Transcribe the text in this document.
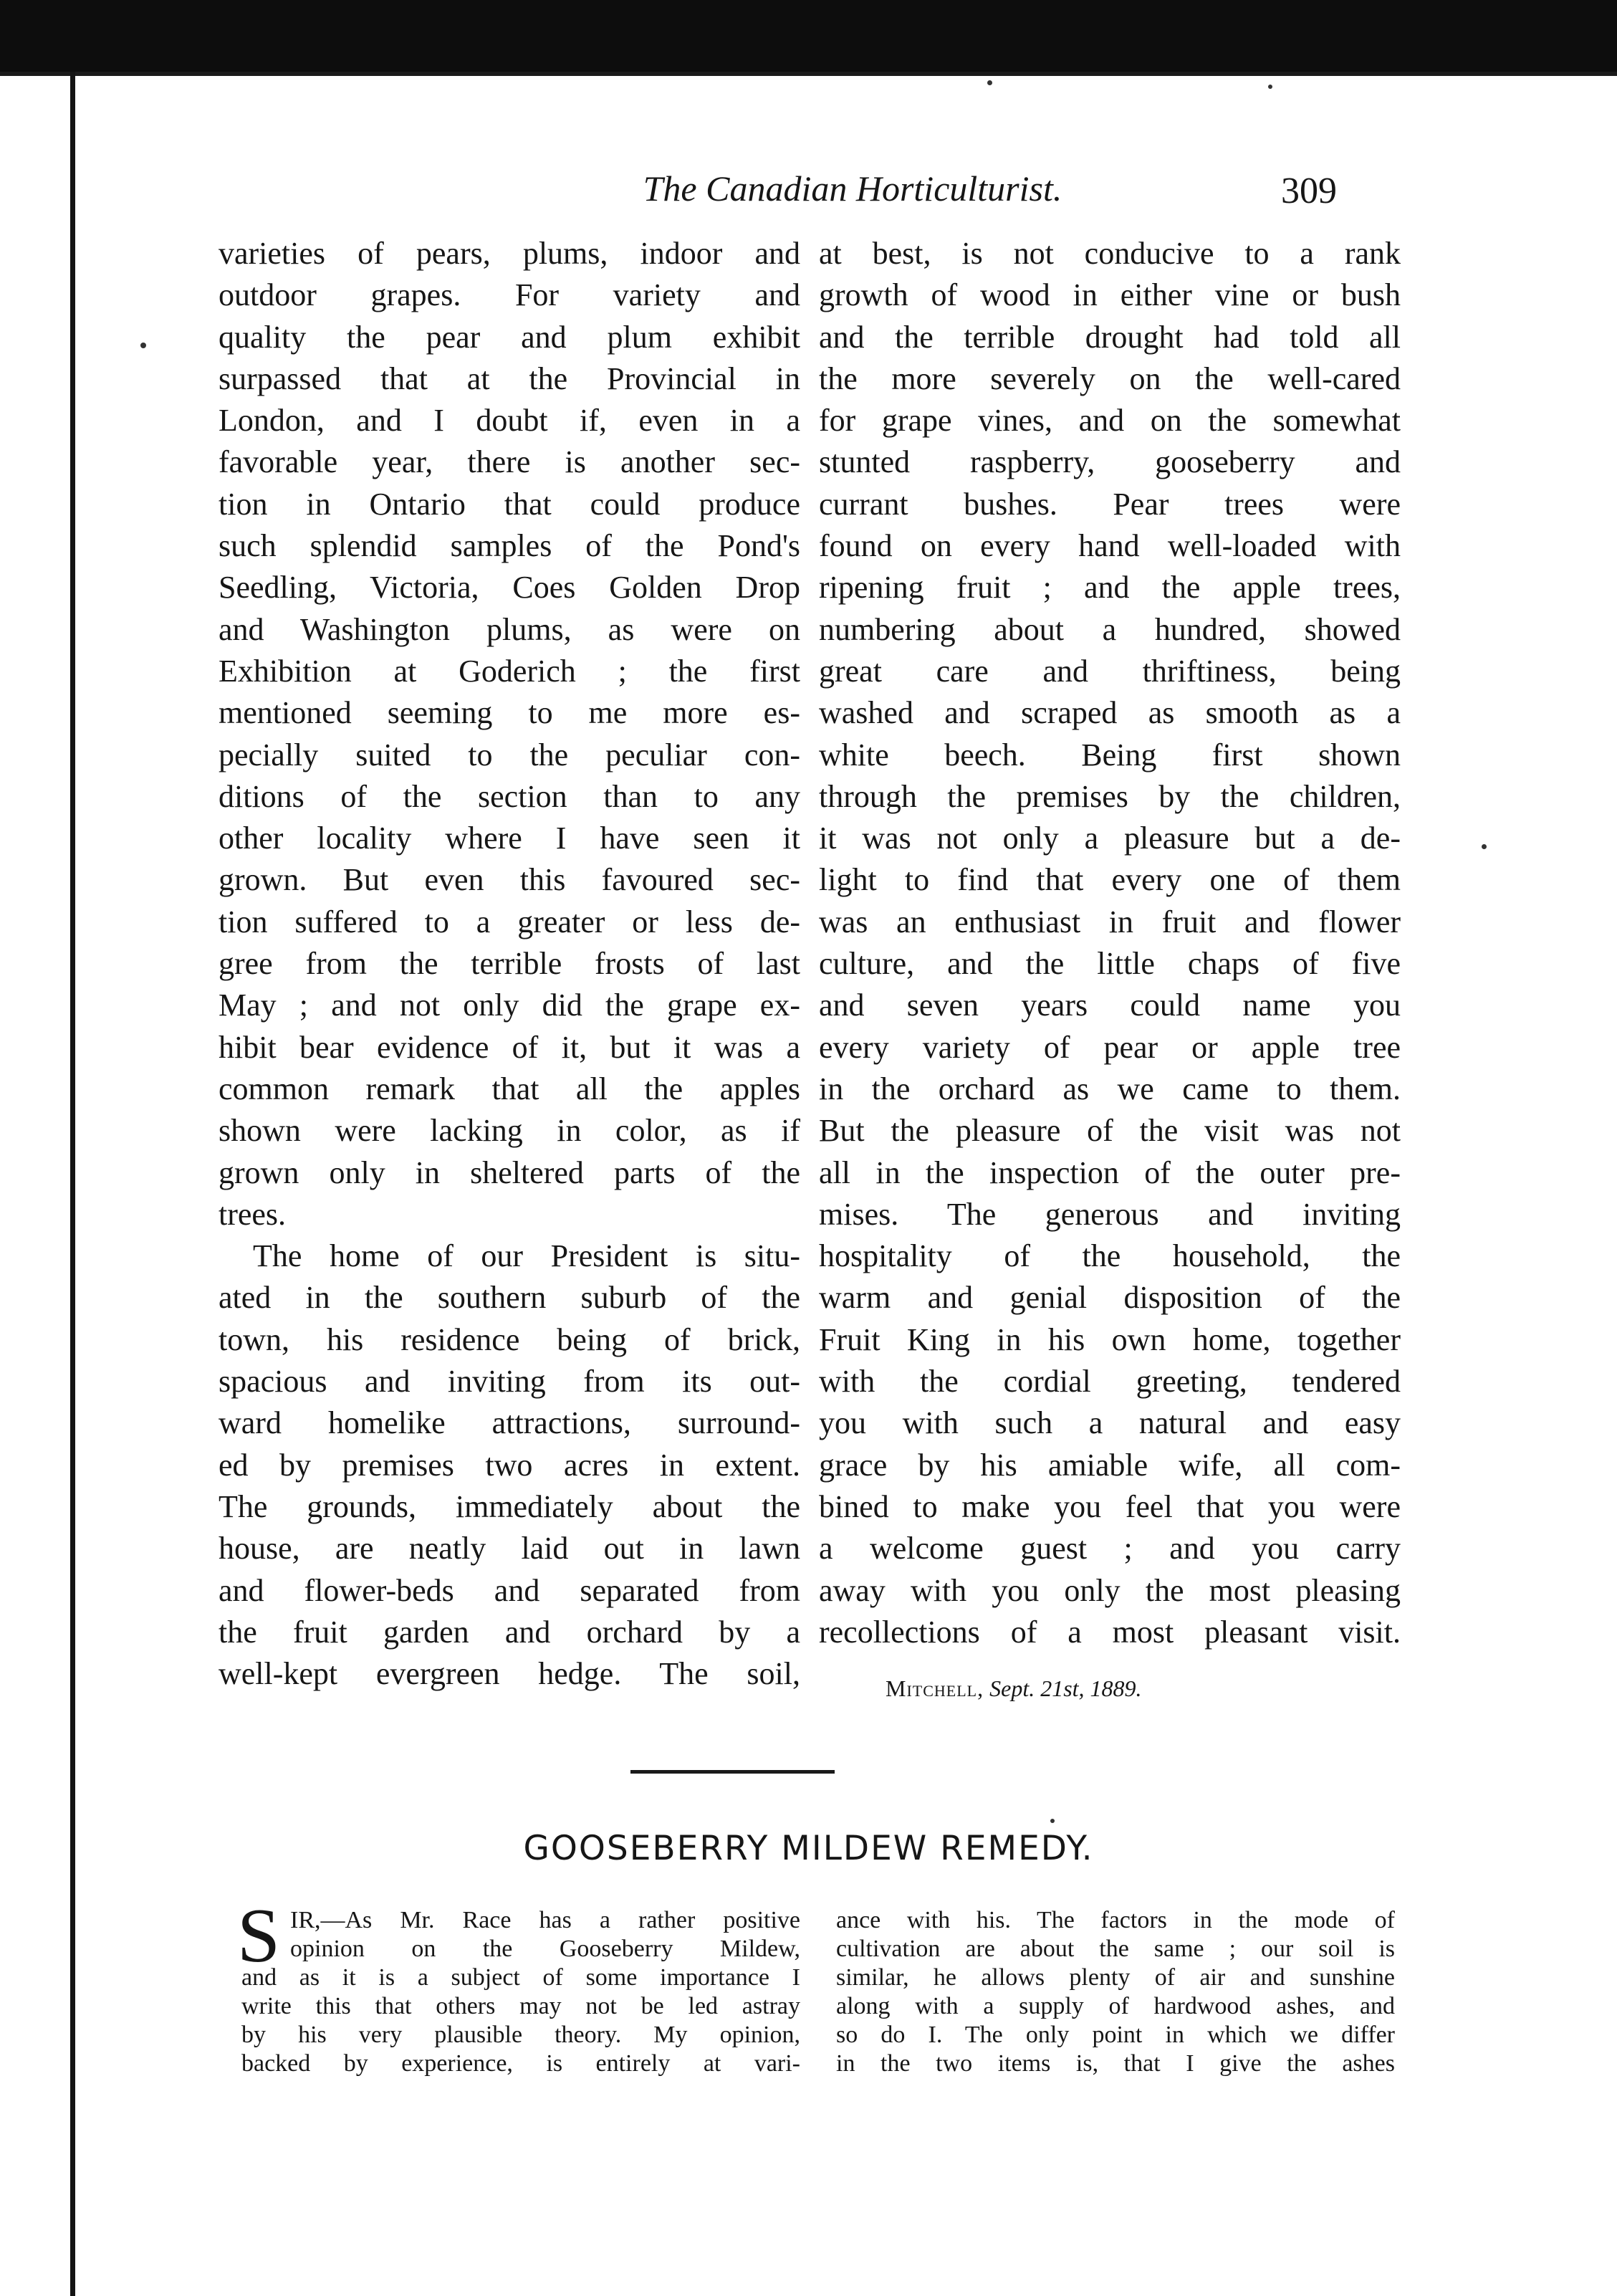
The Canadian Horticulturist.	309
varieties of pears, plums, indoor and
outdoor grapes. For variety and
quality the pear and plum exhibit
surpassed that at the Provincial in
London, and I doubt if, even in a
favorable year, there is another sec-
tion in Ontario that could produce
such splendid samples of the Pond's
Seedling, Victoria, Coes Golden Drop
and Washington plums, as were on
Exhibition at Goderich ; the first
mentioned seeming to me more es-
pecially suited to the peculiar con-
ditions of the section than to any
other locality where I have seen it
grown. But even this favoured sec-
tion suffered to a greater or less de-
gree from the terrible frosts of last
May ; and not only did the grape ex-
hibit bear evidence of it, but it was a
common remark that all the apples
shown were lacking in color, as if
grown only in sheltered parts of the
trees.
The home of our President is situ-
ated in the southern suburb of the
town, his residence being of brick,
spacious and inviting from its out-
ward homelike attractions, surround-
ed by premises two acres in extent.
The grounds, immediately about the
house, are neatly laid out in lawn
and flower-beds and separated from
the fruit garden and orchard by a
well-kept evergreen hedge. The soil,
at best, is not conducive to a rank
growth of wood in either vine or bush
and the terrible drought had told all
the more severely on the well-cared
for grape vines, and on the somewhat
stunted raspberry, gooseberry and
currant bushes. Pear trees were
found on every hand well-loaded with
ripening fruit ; and the apple trees,
numbering about a hundred, showed
great care and thriftiness, being
washed and scraped as smooth as a
white beech. Being first shown
through the premises by the children,
it was not only a pleasure but a de-
light to find that every one of them
was an enthusiast in fruit and flower
culture, and the little chaps of five
and seven years could name you
every variety of pear or apple tree
in the orchard as we came to them.
But the pleasure of the visit was not
all in the inspection of the outer pre-
mises. The generous and inviting
hospitality of the household, the
warm and genial disposition of the
Fruit King in his own home, together
with the cordial greeting, tendered
you with such a natural and easy
grace by his amiable wife, all com-
bined to make you feel that you were
a welcome guest ; and you carry
away with you only the most pleasing
recollections of a most pleasant visit.
Mitchell, Sept. 21st, 1889.
GOOSEBERRY MILDEW REMEDY.
S IR,—As Mr. Race has a rather positive
opinion on the Gooseberry Mildew,
and as it is a subject of some importance I
write this that others may not be led astray
by his very plausible theory. My opinion,
backed by experience, is entirely at vari-
ance with his. The factors in the mode of
cultivation are about the same ; our soil is
similar, he allows plenty of air and sunshine
along with a supply of hardwood ashes, and
so do I. The only point in which we differ
in the two items is, that I give the ashes
